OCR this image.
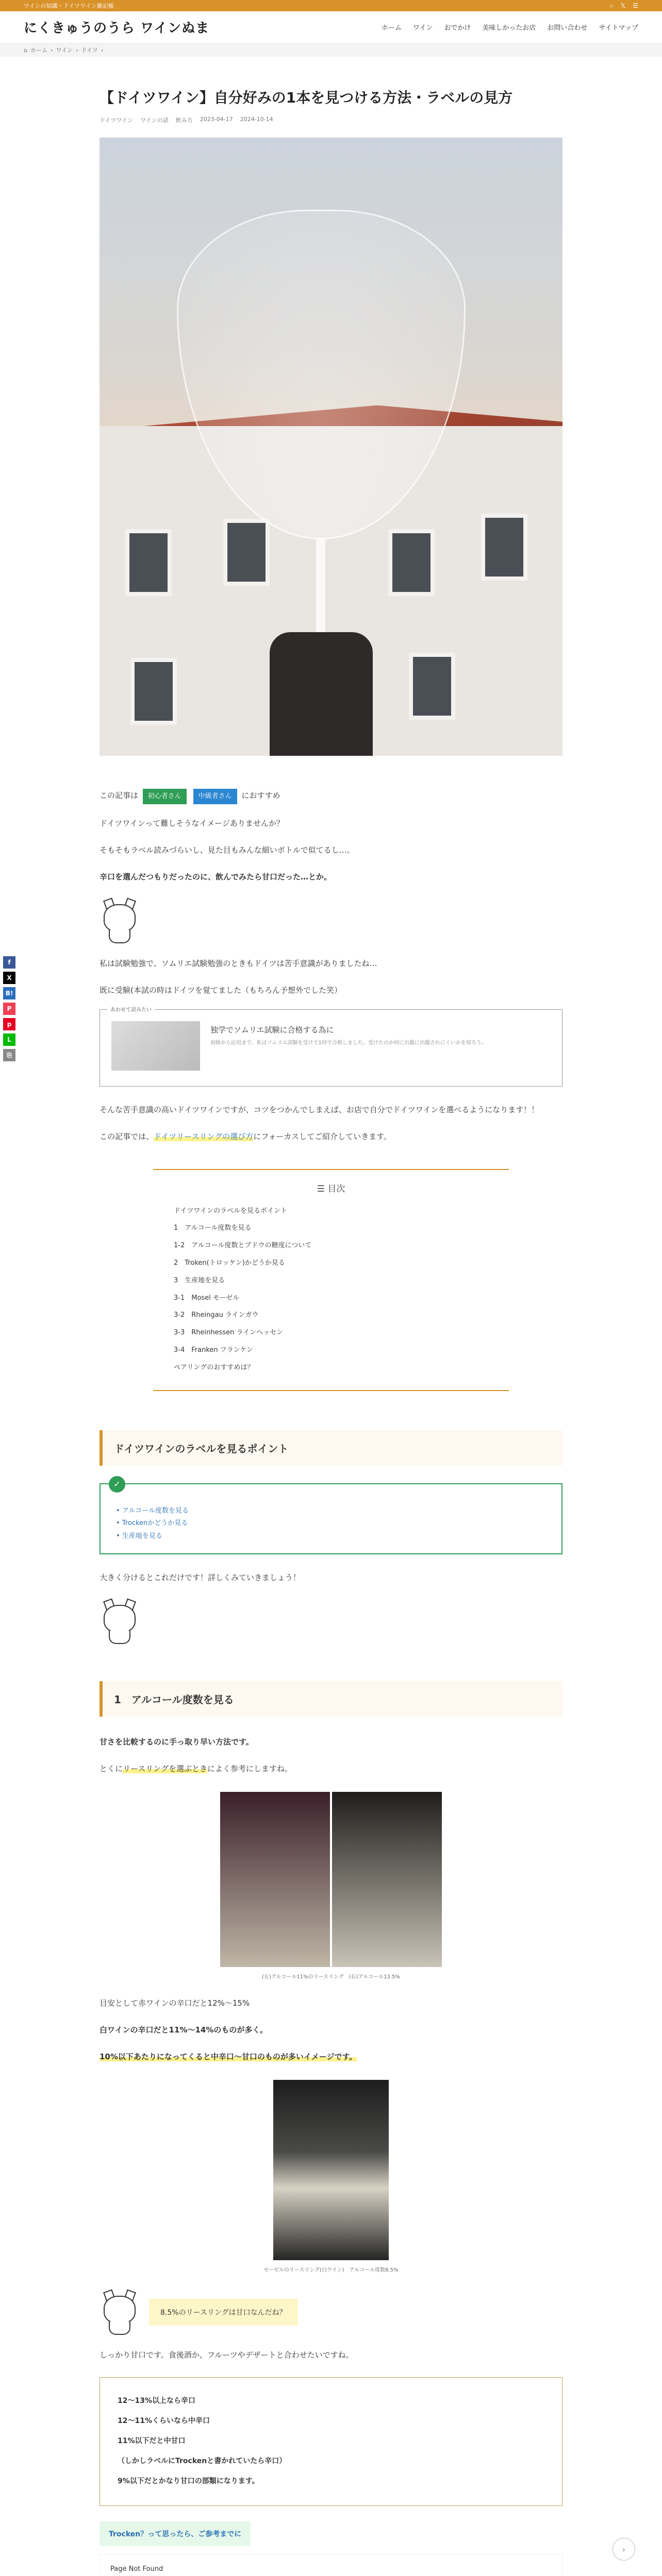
ワインの知識・ドイツワイン雑記帳	⌕ 𝕏 ☰
にくきゅうのうら ワインぬま	ホーム ワイン おでかけ 美味しかったお店 お問い合わせ サイトマップ
⌂ ホーム › ワイン › ドイツ ›
f
X
B!
P
p
L
⎘
【ドイツワイン】自分好みの1本を見つける方法・ラベルの見方
ドイツワイン ワインの話 飲み方 2023-04-17 2024-10-14

この記事は 初心者さん	中級者さん におすすめ

ドイツワインって難しそうなイメージありませんか？

そもそもラベル読みづらいし、見た目もみんな細いボトルで似てるし…。

辛口を選んだつもりだったのに、飲んでみたら甘口だった…とか。

私は試験勉強で、ソムリエ試験勉強のときもドイツは苦手意識がありましたね…

既に受験(本試の時はドイツを覚てました（もちろん予想外でした笑）

あわせて読みたい
独学でソムリエ試験に合格する為に
初級から応用まで、私はソムリエ試験を受けて1回で合格しました。受けたのか何に出題に出題されにくいかを知ろう。

そんな苦手意識の高いドイツワインですが、コツをつかんでしまえば、お店で自分でドイツワインを選べるようになります！！

この記事では、ドイツリースリングの選び方にフォーカスしてご紹介していきます。

☰ 目次
ドイツワインのラベルを見るポイント
1　アルコール度数を見る
1-2　アルコール度数とブドウの糖度について
2　Troken(トロッケン)かどうか見る
3　生産地を見る
3-1　Mosel モーゼル
3-2　Rheingau ラインガウ
3-3　Rheinhessen ラインヘッセン
3-4　Franken フランケン
ペアリングのおすすめは？
ドイツワインのラベルを見るポイント
✓
• アルコール度数を見る
• Trockenかどうか見る
• 生産地を見る

大きく分けるとこれだけです！詳しくみていきましょう！

1　アルコール度数を見る

甘さを比較するのに手っ取り早い方法です。

とくにリースリングを選ぶときによく参考にしますね。

(左)アルコール11%のリースリング　(右)アルコール13.5%

目安として赤ワインの辛口だと12%〜15%

白ワインの辛口だと11%〜14%のものが多く。

10%以下あたりになってくると中辛口〜甘口のものが多いイメージです。

モーゼルのリースリング(白ワイン)　アルコール度数8.5%
8.5%のリースリングは甘口なんだね？

しっかり甘口です。食後酒か、フルーツやデザートと合わせたいですね。

12〜13%以上なら辛口

12〜11%くらいなら中辛口

11%以下だと中甘口

（しかしラベルにTrockenと書かれていたら辛口）

9%以下だとかなり甘口の部類になります。

Trocken？って思ったら、ご参考までに
Page Not Found

›
